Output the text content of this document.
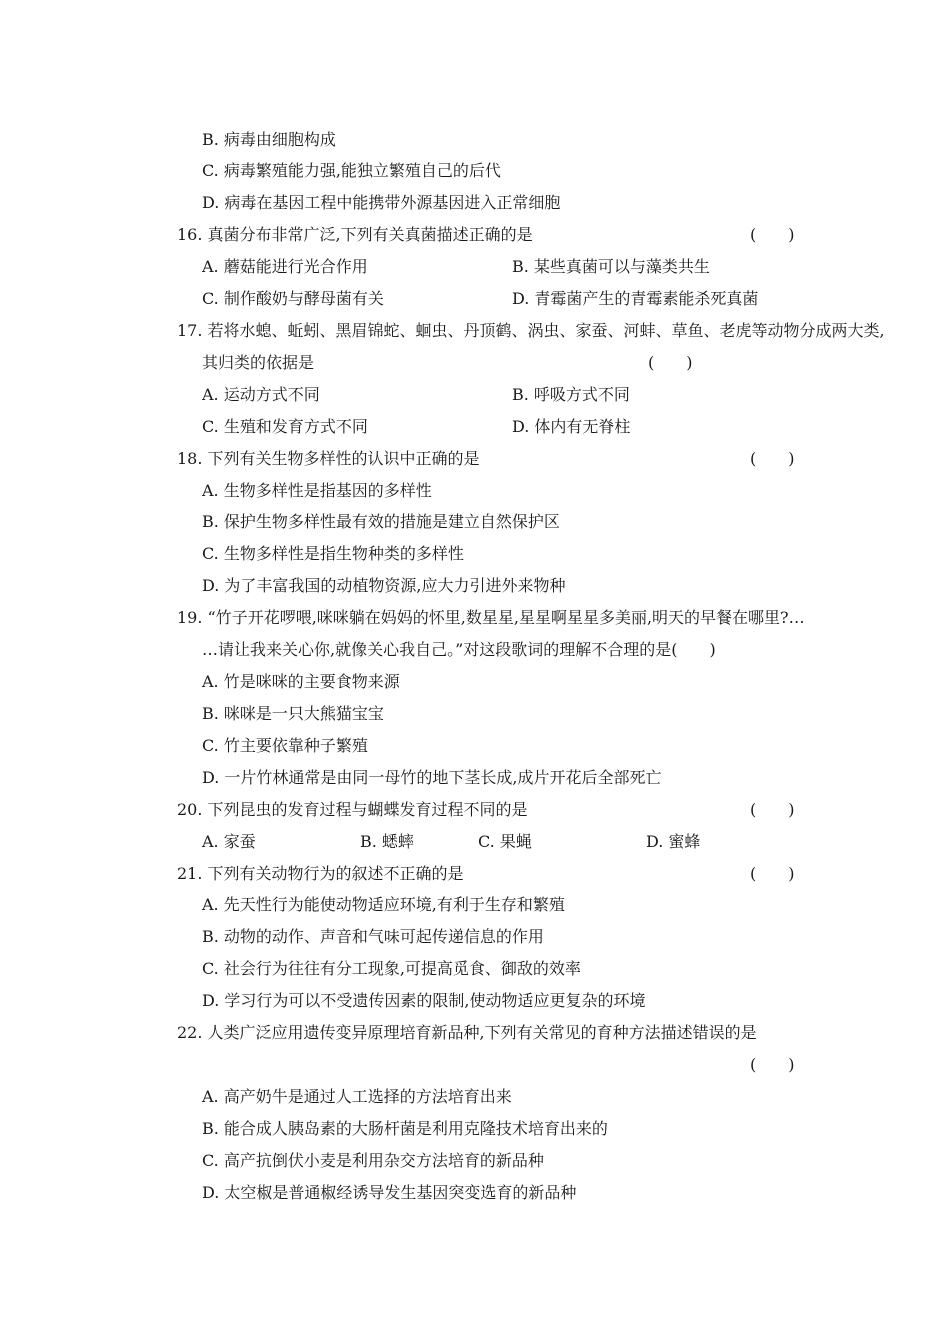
B. 病毒由细胞构成
C. 病毒繁殖能力强,能独立繁殖自己的后代
D. 病毒在基因工程中能携带外源基因进入正常细胞
16. 真菌分布非常广泛,下列有关真菌描述正确的是	(　　)
A. 蘑菇能进行光合作用	B. 某些真菌可以与藻类共生
C. 制作酸奶与酵母菌有关	D. 青霉菌产生的青霉素能杀死真菌
17. 若将水螅、蚯蚓、黑眉锦蛇、蛔虫、丹顶鹤、涡虫、家蚕、河蚌、草鱼、老虎等动物分成两大类,
其归类的依据是	(　　)
A. 运动方式不同	B. 呼吸方式不同
C. 生殖和发育方式不同	D. 体内有无脊柱
18. 下列有关生物多样性的认识中正确的是	(　　)
A. 生物多样性是指基因的多样性
B. 保护生物多样性最有效的措施是建立自然保护区
C. 生物多样性是指生物种类的多样性
D. 为了丰富我国的动植物资源,应大力引进外来物种
19. “竹子开花啰喂,咪咪躺在妈妈的怀里,数星星,星星啊星星多美丽,明天的早餐在哪里?…
…请让我来关心你,就像关心我自己。”对这段歌词的理解不合理的是(　　)
A. 竹是咪咪的主要食物来源
B. 咪咪是一只大熊猫宝宝
C. 竹主要依靠种子繁殖
D. 一片竹林通常是由同一母竹的地下茎长成,成片开花后全部死亡
20. 下列昆虫的发育过程与蝴蝶发育过程不同的是	(　　)
A. 家蚕	B. 蟋蟀	C. 果蝇	D. 蜜蜂
21. 下列有关动物行为的叙述不正确的是	(　　)
A. 先天性行为能使动物适应环境,有利于生存和繁殖
B. 动物的动作、声音和气味可起传递信息的作用
C. 社会行为往往有分工现象,可提高觅食、御敌的效率
D. 学习行为可以不受遗传因素的限制,使动物适应更复杂的环境
22. 人类广泛应用遗传变异原理培育新品种,下列有关常见的育种方法描述错误的是
(　　)
A. 高产奶牛是通过人工选择的方法培育出来
B. 能合成人胰岛素的大肠杆菌是利用克隆技术培育出来的
C. 高产抗倒伏小麦是利用杂交方法培育的新品种
D. 太空椒是普通椒经诱导发生基因突变选育的新品种
